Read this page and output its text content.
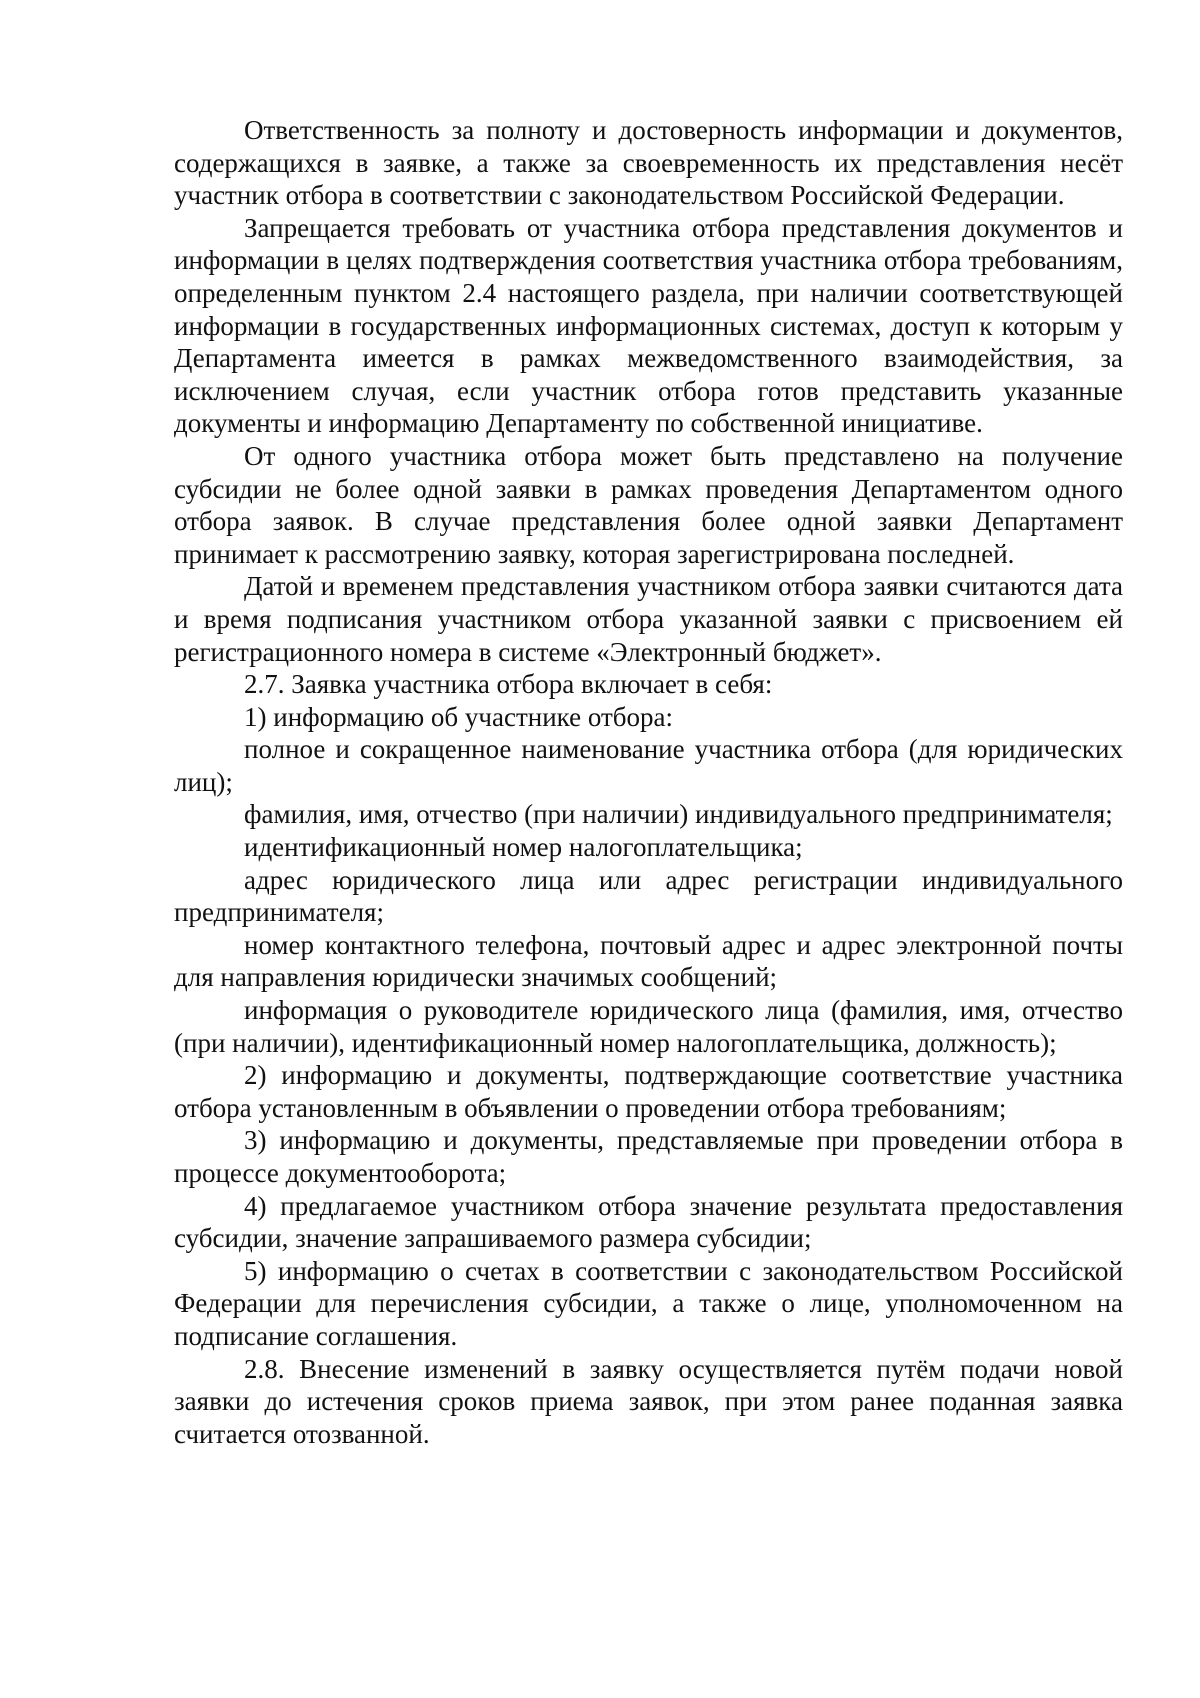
Ответственность за полноту и достоверность информации и документов, содержащихся в заявке, а также за своевременность их представления несёт участник отбора в соответствии с законодательством Российской Федерации.

Запрещается требовать от участника отбора представления документов и информации в целях подтверждения соответствия участника отбора требованиям, определенным пунктом 2.4 настоящего раздела, при наличии соответствующей информации в государственных информационных системах, доступ к которым у Департамента имеется в рамках межведомственного взаимодействия, за исключением случая, если участник отбора готов представить указанные документы и информацию Департаменту по собственной инициативе.

От одного участника отбора может быть представлено на получение субсидии не более одной заявки в рамках проведения Департаментом одного отбора заявок. В случае представления более одной заявки Департамент принимает к рассмотрению заявку, которая зарегистрирована последней.

Датой и временем представления участником отбора заявки считаются дата и время подписания участником отбора указанной заявки с присвоением ей регистрационного номера в системе «Электронный бюджет».

2.7. Заявка участника отбора включает в себя:

1) информацию об участнике отбора:

полное и сокращенное наименование участника отбора (для юридических лиц);

фамилия, имя, отчество (при наличии) индивидуального предпринимателя;

идентификационный номер налогоплательщика;

адрес юридического лица или адрес регистрации индивидуального предпринимателя;

номер контактного телефона, почтовый адрес и адрес электронной почты для направления юридически значимых сообщений;

информация о руководителе юридического лица (фамилия, имя, отчество (при наличии), идентификационный номер налогоплательщика, должность);

2) информацию и документы, подтверждающие соответствие участника отбора установленным в объявлении о проведении отбора требованиям;

3) информацию и документы, представляемые при проведении отбора в процессе документооборота;

4) предлагаемое участником отбора значение результата предоставления субсидии, значение запрашиваемого размера субсидии;

5) информацию о счетах в соответствии с законодательством Российской Федерации для перечисления субсидии, а также о лице, уполномоченном на подписание соглашения.

2.8. Внесение изменений в заявку осуществляется путём подачи новой заявки до истечения сроков приема заявок, при этом ранее поданная заявка считается отозванной.
